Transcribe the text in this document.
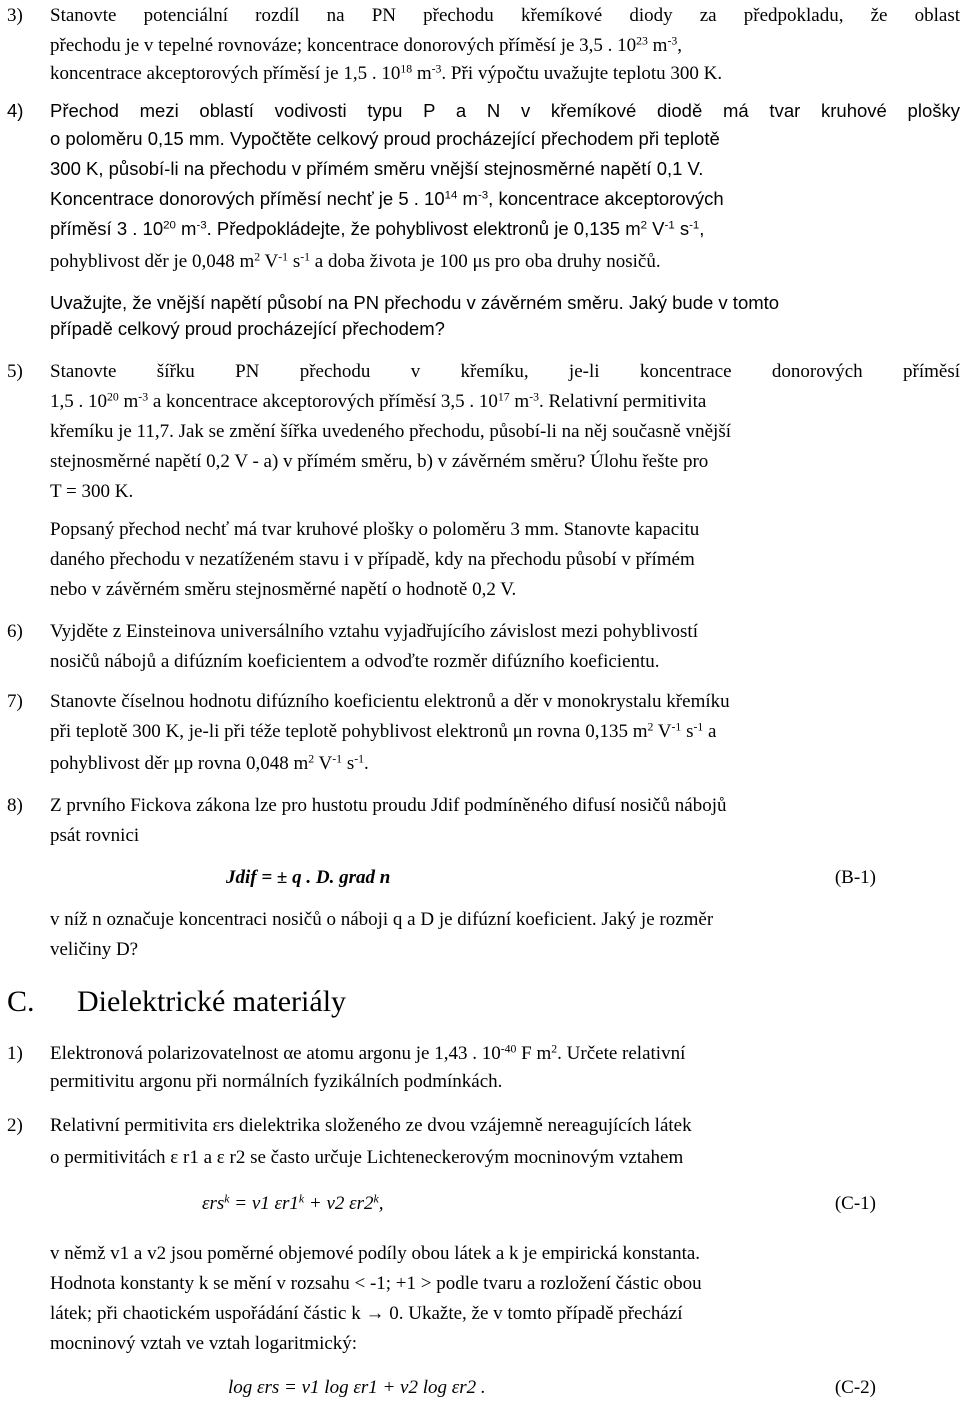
3) Stanovte potenciální rozdíl na PN přechodu křemíkové diody za předpokladu, že oblast
přechodu je v tepelné rovnováze; koncentrace donorových příměsí je 3,5 . $10^{23}$ $m^{-3}$,
koncentrace akceptorových příměsí je 1,5 . $10^{18}$ $m^{-3}$. Při výpočtu uvažujte teplotu 300 K.
4) Přechod mezi oblastí vodivosti typu P a N v křemíkové diodě má tvar kruhové plošky
o poloměru 0,15 mm. Vypočtěte celkový proud procházející přechodem při teplotě
300 K, působí-li na přechodu v přímém směru vnější stejnosměrné napětí 0,1 V.
Koncentrace donorových příměsí nechť je 5 . $10^{14}$ $m^{-3}$, koncentrace akceptorových
příměsí 3 . $10^{20}$ $m^{-3}$. Předpokládejte, že pohyblivost elektronů je 0,135 $m^2$ $V^{-1}$ $s^{-1}$,
pohyblivost děr je 0,048 $m^2$ $V^{-1}$ $s^{-1}$ a doba života je 100 μs pro oba druhy nosičů.
Uvažujte, že vnější napětí působí na PN přechodu v závěrném směru. Jaký bude v tomto
případě celkový proud procházející přechodem?
5) Stanovte šířku PN přechodu v křemíku, je-li koncentrace donorových příměsí
1,5 . $10^{20}$ $m^{-3}$ a koncentrace akceptorových příměsí 3,5 . $10^{17}$ $m^{-3}$. Relativní permitivita
křemíku je 11,7. Jak se změní šířka uvedeného přechodu, působí-li na něj současně vnější
stejnosměrné napětí 0,2 V - a) v přímém směru, b) v závěrném směru? Úlohu řešte pro
T = 300 K.
Popsaný přechod nechť má tvar kruhové plošky o poloměru 3 mm. Stanovte kapacitu
daného přechodu v nezatíženém stavu i v případě, kdy na přechodu působí v přímém
nebo v závěrném směru stejnosměrné napětí o hodnotě 0,2 V.
6) Vyjděte z Einsteinova universálního vztahu vyjadřujícího závislost mezi pohyblivostí
nosičů nábojů a difúzním koeficientem a odvoďte rozměr difúzního koeficientu.
7) Stanovte číselnou hodnotu difúzního koeficientu elektronů a děr v monokrystalu křemíku
při teplotě 300 K, je-li při téže teplotě pohyblivost elektronů μn rovna 0,135 $m^2$ $V^{-1}$ $s^{-1}$ a
pohyblivost děr μp rovna 0,048 $m^2$ $V^{-1}$ $s^{-1}$.
8) Z prvního Fickova zákona lze pro hustotu proudu Jdif podmíněného difusí nosičů nábojů
psát rovnici
Jdif = ± q . D. grad n	(B-1)
v níž n označuje koncentraci nosičů o náboji q a D je difúzní koeficient. Jaký je rozměr
veličiny D?
C. Dielektrické materiály
1) Elektronová polarizovatelnost αe atomu argonu je 1,43 . $10^{-40}$ F $m^2$. Určete relativní
permitivitu argonu při normálních fyzikálních podmínkách.
2) Relativní permitivita εrs dielektrika složeného ze dvou vzájemně nereagujících látek
o permitivitách ε r1 a ε r2 se často určuje Lichteneckerovým mocninovým vztahem
εrs$^k$ = v1 $\varepsilon r1^k + v2$ εr2$^k$,	(C-1)
v němž v1 a v2 jsou poměrné objemové podíly obou látek a k je empirická konstanta.
Hodnota konstanty k se mění v rozsahu < -1; +1 > podle tvaru a rozložení částic obou
látek; při chaotickém uspořádání částic k → 0. Ukažte, že v tomto případě přechází
mocninový vztah ve vztah logaritmický:
log εrs = v1 log εr1 + v2 log εr2 .	(C-2)
